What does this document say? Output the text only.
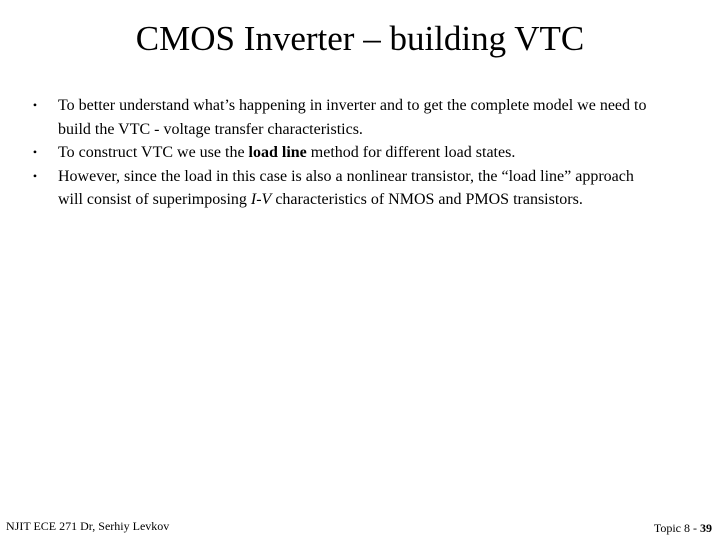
CMOS Inverter – building VTC
• To better understand what’s happening in inverter and to get the complete model we need to build the VTC - voltage transfer characteristics.
• To construct VTC we use the load line method for different load states.
• However, since the load in this case is also a nonlinear transistor, the “load line” approach will consist of superimposing I-V characteristics of NMOS and PMOS transistors.
NJIT ECE 271 Dr, Serhiy Levkov	Topic 8 - 39
